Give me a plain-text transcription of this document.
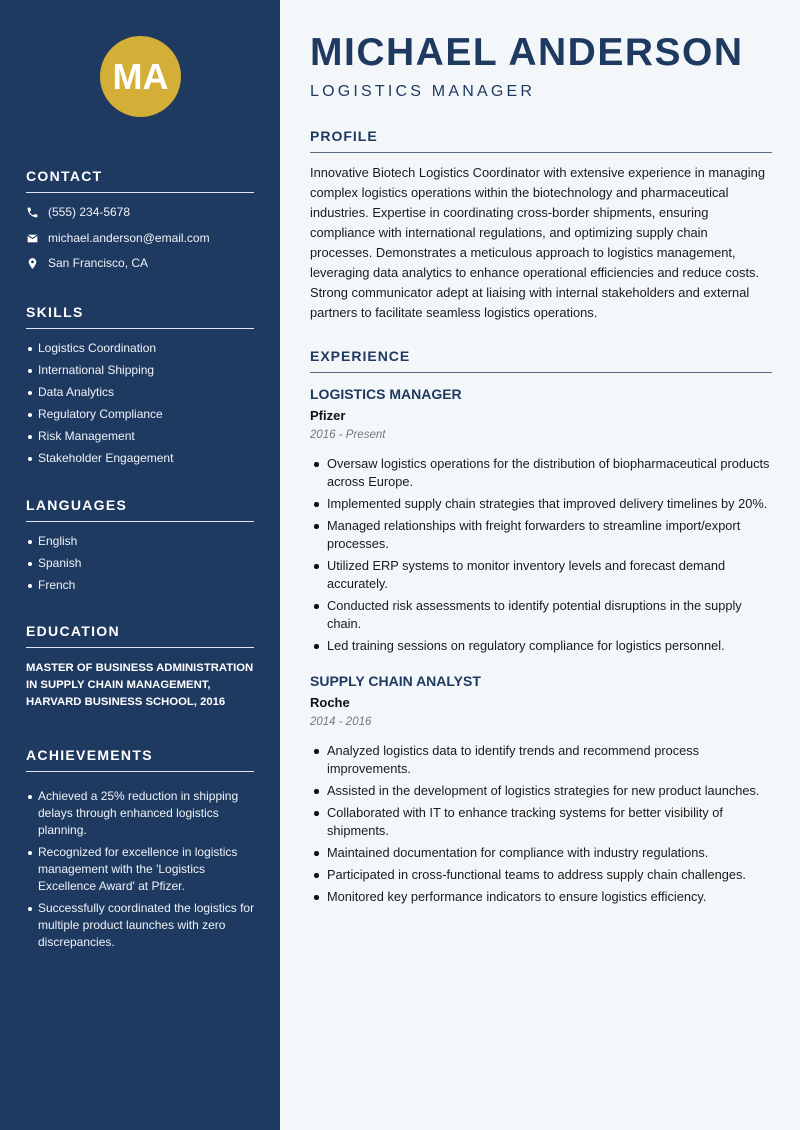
MA
CONTACT
(555) 234-5678
michael.anderson@email.com
San Francisco, CA
SKILLS
Logistics Coordination
International Shipping
Data Analytics
Regulatory Compliance
Risk Management
Stakeholder Engagement
LANGUAGES
English
Spanish
French
EDUCATION
MASTER OF BUSINESS ADMINISTRATION IN SUPPLY CHAIN MANAGEMENT, HARVARD BUSINESS SCHOOL, 2016
ACHIEVEMENTS
Achieved a 25% reduction in shipping delays through enhanced logistics planning.
Recognized for excellence in logistics management with the 'Logistics Excellence Award' at Pfizer.
Successfully coordinated the logistics for multiple product launches with zero discrepancies.
MICHAEL ANDERSON
LOGISTICS MANAGER
PROFILE
Innovative Biotech Logistics Coordinator with extensive experience in managing complex logistics operations within the biotechnology and pharmaceutical industries. Expertise in coordinating cross-border shipments, ensuring compliance with international regulations, and optimizing supply chain processes. Demonstrates a meticulous approach to logistics management, leveraging data analytics to enhance operational efficiencies and reduce costs. Strong communicator adept at liaising with internal stakeholders and external partners to facilitate seamless logistics operations.
EXPERIENCE
LOGISTICS MANAGER
Pfizer
2016 - Present
Oversaw logistics operations for the distribution of biopharmaceutical products across Europe.
Implemented supply chain strategies that improved delivery timelines by 20%.
Managed relationships with freight forwarders to streamline import/export processes.
Utilized ERP systems to monitor inventory levels and forecast demand accurately.
Conducted risk assessments to identify potential disruptions in the supply chain.
Led training sessions on regulatory compliance for logistics personnel.
SUPPLY CHAIN ANALYST
Roche
2014 - 2016
Analyzed logistics data to identify trends and recommend process improvements.
Assisted in the development of logistics strategies for new product launches.
Collaborated with IT to enhance tracking systems for better visibility of shipments.
Maintained documentation for compliance with industry regulations.
Participated in cross-functional teams to address supply chain challenges.
Monitored key performance indicators to ensure logistics efficiency.
